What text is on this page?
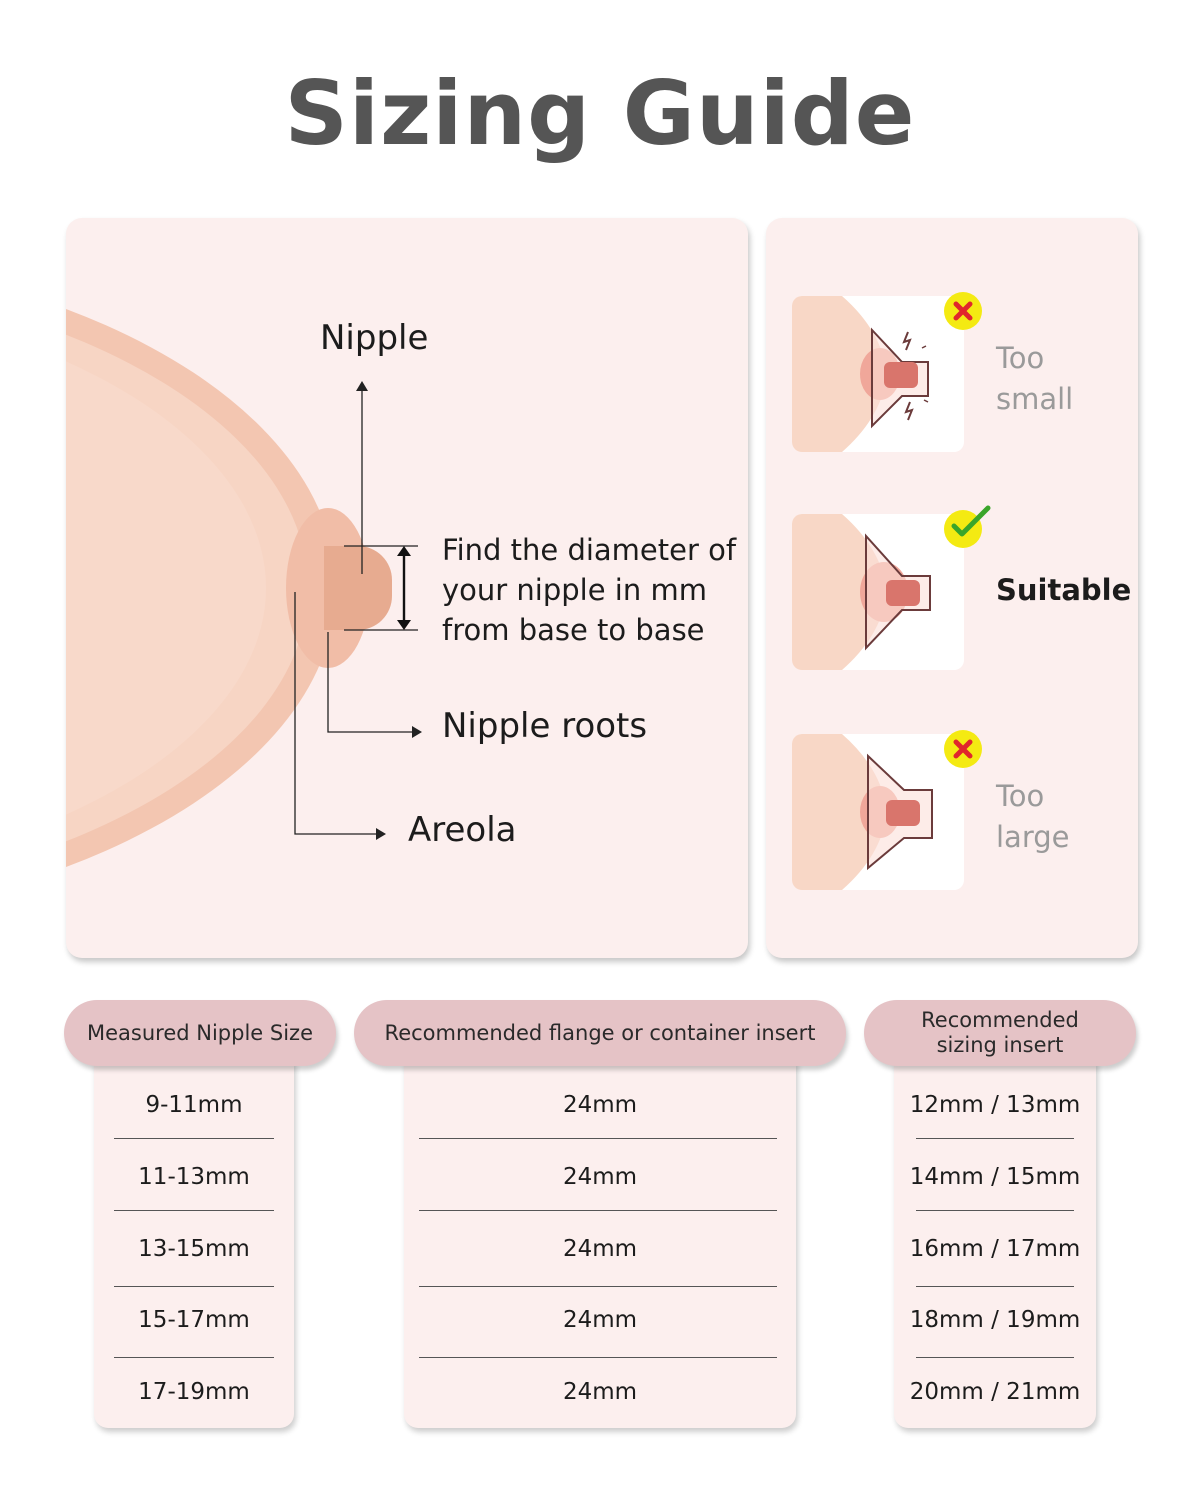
Sizing Guide
Nipple
Find the diameter of your nipple in mm from base to base
Nipple roots
Areola
Too small
Suitable
Too large
Measured Nipple Size
9-11mm
11-13mm
13-15mm
15-17mm
17-19mm
Recommended flange or container insert
24mm
24mm
24mm
24mm
24mm
Recommended sizing insert
12mm / 13mm
14mm / 15mm
16mm / 17mm
18mm / 19mm
20mm / 21mm
